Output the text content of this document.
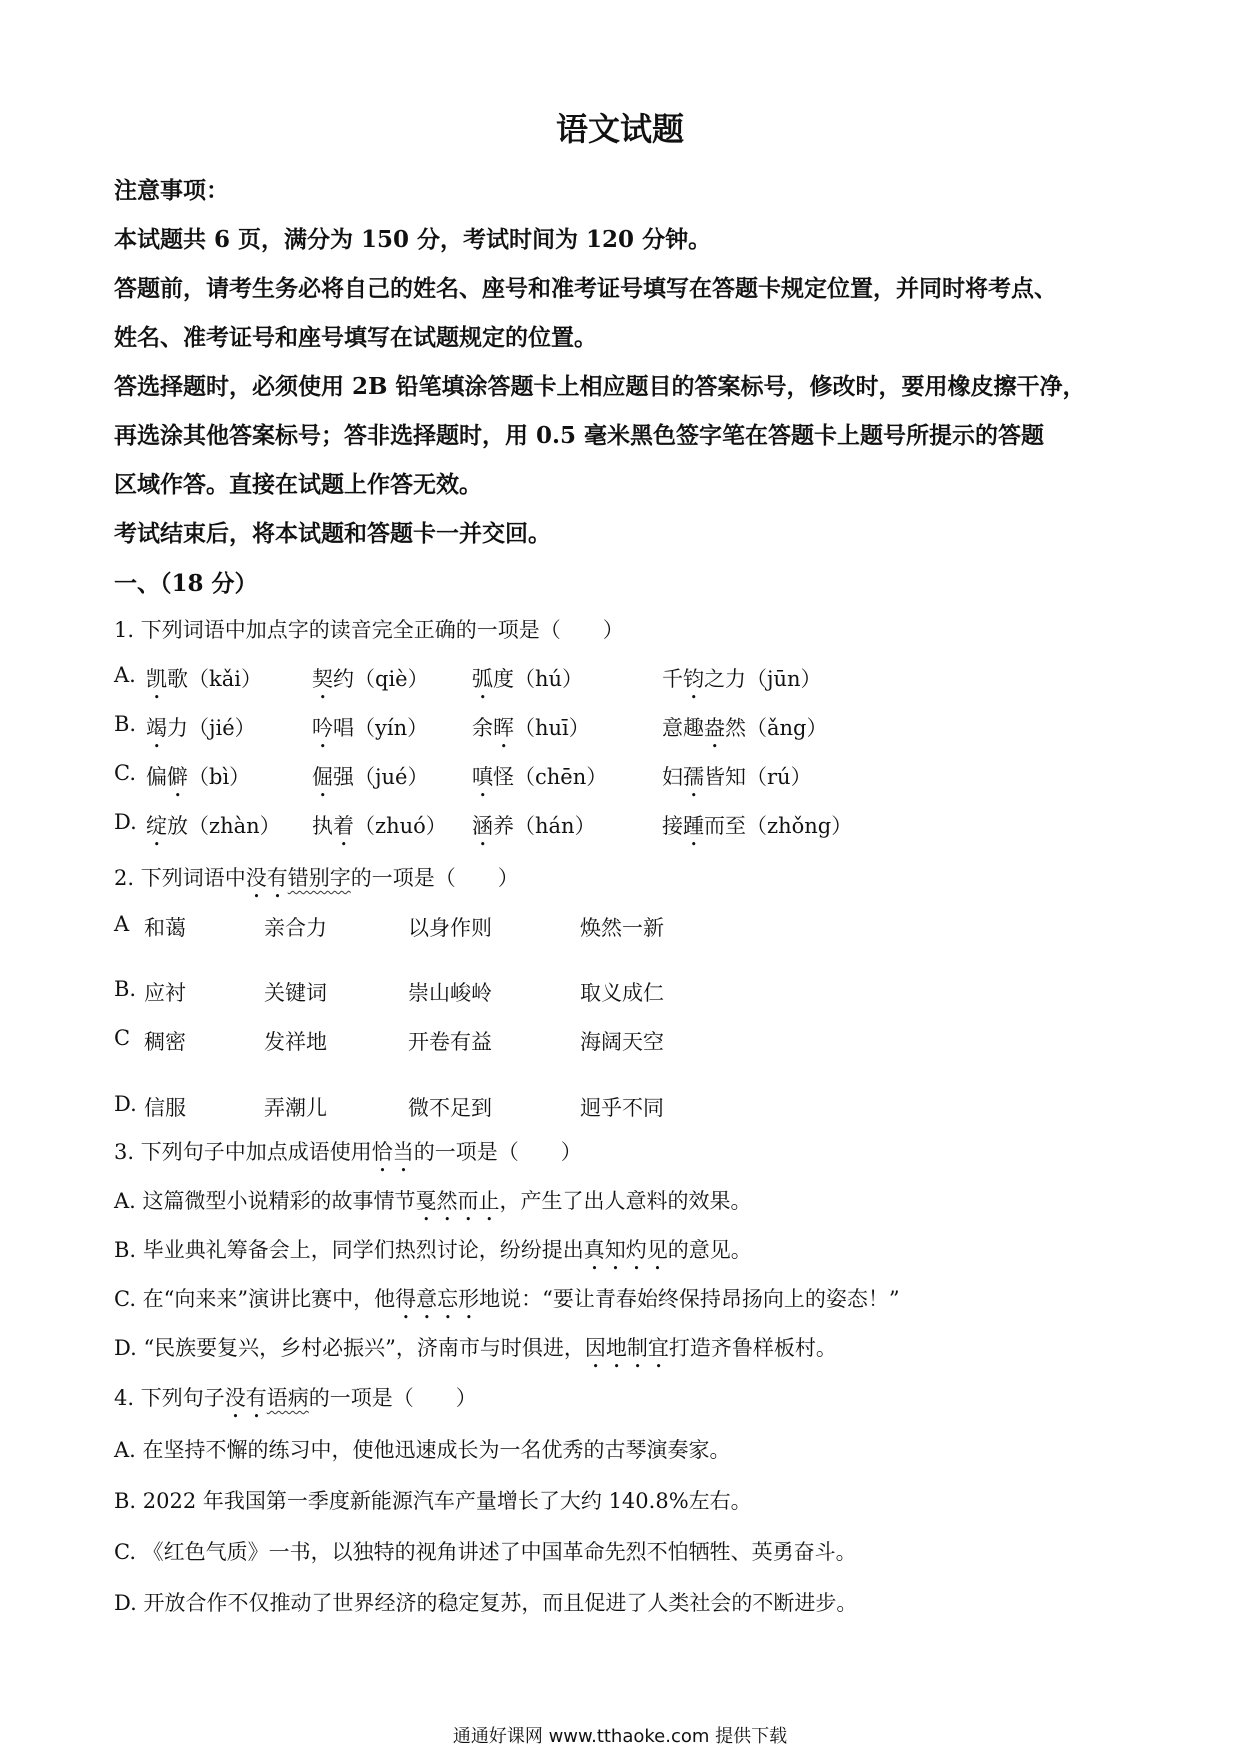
语文试题
注意事项：
本试题共 6 页，满分为 150 分，考试时间为 120 分钟。
答题前，请考生务必将自己的姓名、座号和准考证号填写在答题卡规定位置，并同时将考点、
姓名、准考证号和座号填写在试题规定的位置。
答选择题时，必须使用 2B 铅笔填涂答题卡上相应题目的答案标号，修改时，要用橡皮擦干净，
再选涂其他答案标号；答非选择题时，用 0.5 毫米黑色签字笔在答题卡上题号所提示的答题
区域作答。直接在试题上作答无效。
考试结束后，将本试题和答题卡一并交回。
一、（18 分）
1. 下列词语中加点字的读音完全正确的一项是（　　）
A. 凯歌（kǎi） 契约（qiè） 弧度（hú）	千钧之力（jūn）
B. 竭力（jié）	吟唱（yín） 余晖（huī）	意趣盎然（ǎng）
C. 偏僻（bì）	倔强（jué） 嗔怪（chēn）	妇孺皆知（rú）
D. 绽放（zhàn） 执着（zhuó） 涵养（hán）	接踵而至（zhǒng）
2. 下列词语中没有错别字的一项是（　　）
A 和蔼	亲合力	以身作则	焕然一新
B. 应衬	关键词	崇山峻岭	取义成仁
C 稠密	发祥地	开卷有益	海阔天空
D. 信服	弄潮儿	微不足到	迥乎不同
3. 下列句子中加点成语使用恰当的一项是（　　）
A. 这篇微型小说精彩的故事情节戛然而止，产生了出人意料的效果。
B. 毕业典礼筹备会上，同学们热烈讨论，纷纷提出真知灼见的意见。
C. 在“向来来”演讲比赛中，他得意忘形地说：“要让青春始终保持昂扬向上的姿态！”
D. “民族要复兴，乡村必振兴”，济南市与时俱进，因地制宜打造齐鲁样板村。
4. 下列句子没有语病的一项是（　　）
A. 在坚持不懈的练习中，使他迅速成长为一名优秀的古琴演奏家。
B. 2022 年我国第一季度新能源汽车产量增长了大约 140.8%左右。
C. 《红色气质》一书，以独特的视角讲述了中国革命先烈不怕牺牲、英勇奋斗。
D. 开放合作不仅推动了世界经济的稳定复苏，而且促进了人类社会的不断进步。
通通好课网 www.tthaoke.com 提供下载
